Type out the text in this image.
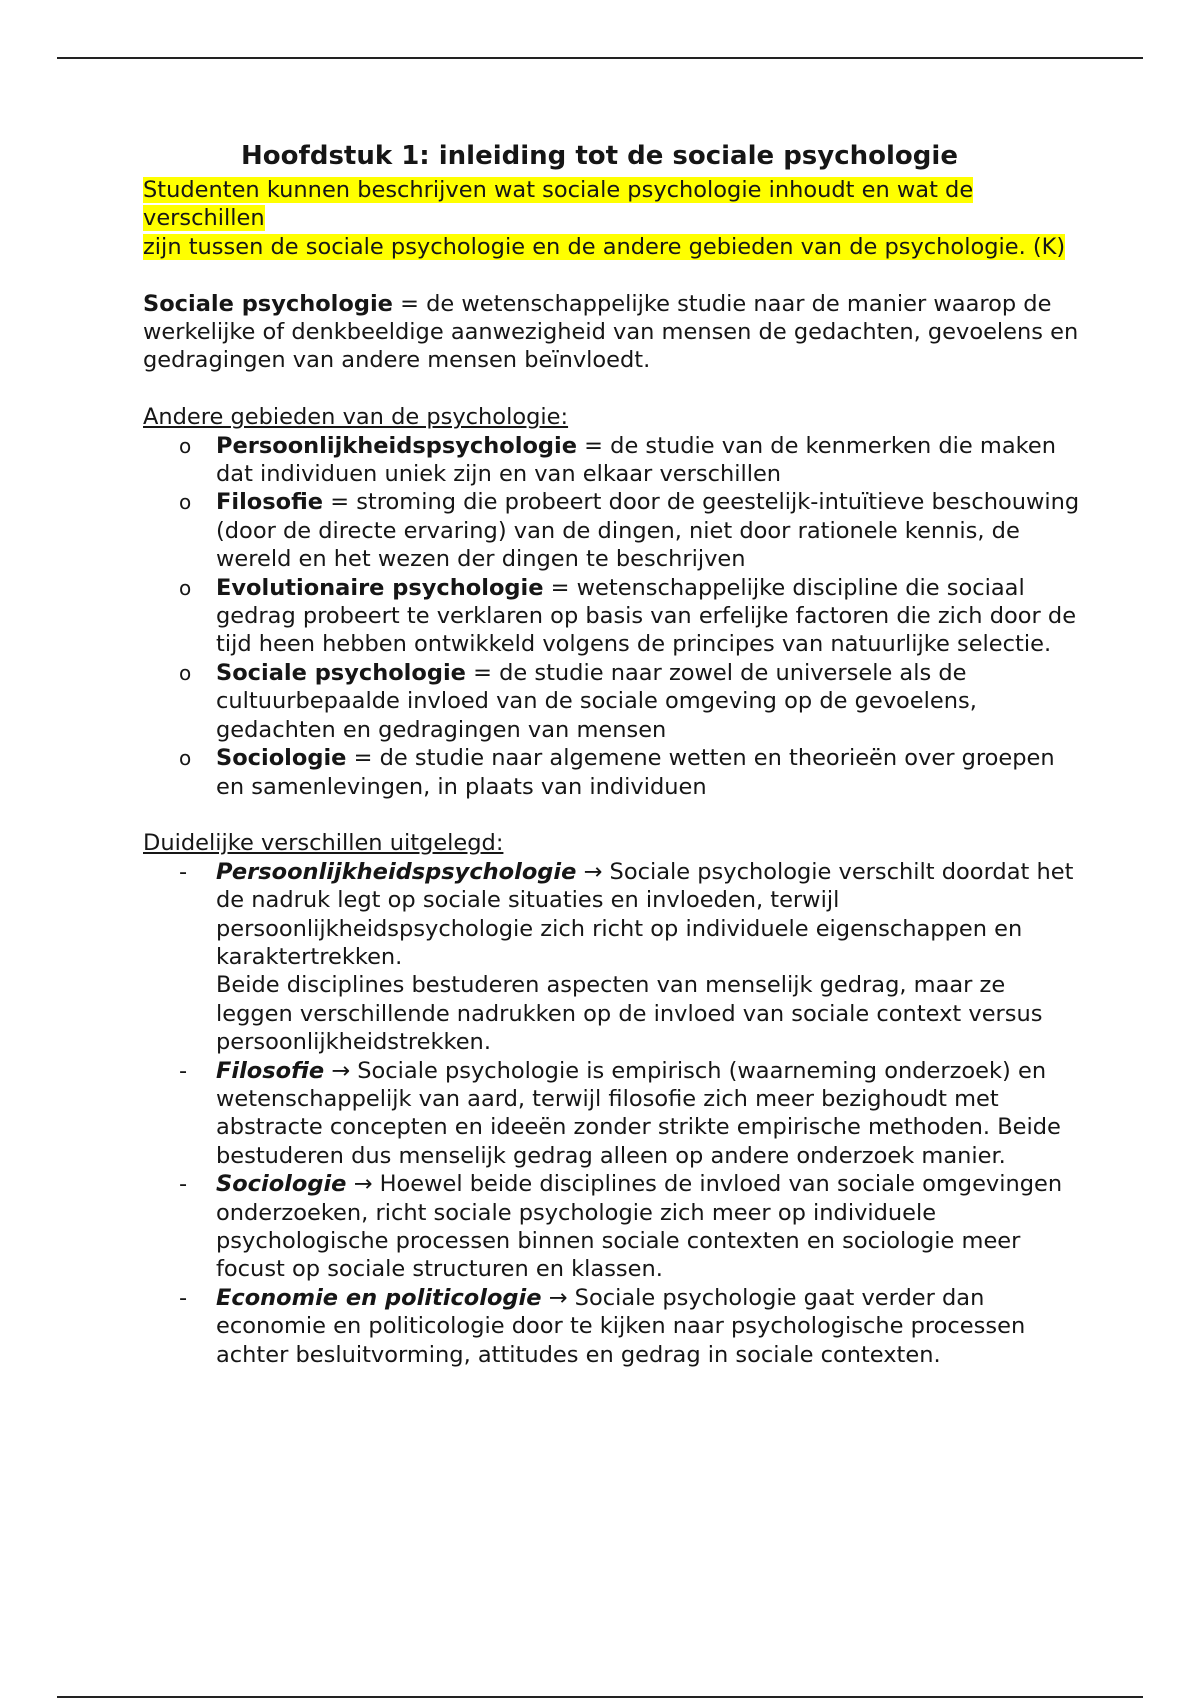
Hoofdstuk 1: inleiding tot de sociale psychologie
Studenten kunnen beschrijven wat sociale psychologie inhoudt en wat de verschillen
zijn tussen de sociale psychologie en de andere gebieden van de psychologie. (K)

Sociale psychologie = de wetenschappelijke studie naar de manier waarop de werkelijke of denkbeeldige aanwezigheid van mensen de gedachten, gevoelens en gedragingen van andere mensen beïnvloedt.

Andere gebieden van de psychologie:

o Persoonlijkheidspsychologie = de studie van de kenmerken die maken dat individuen uniek zijn en van elkaar verschillen
o Filosofie = stroming die probeert door de geestelijk-intuïtieve beschouwing (door de directe ervaring) van de dingen, niet door rationele kennis, de wereld en het wezen der dingen te beschrijven
o Evolutionaire psychologie = wetenschappelijke discipline die sociaal gedrag probeert te verklaren op basis van erfelijke factoren die zich door de tijd heen hebben ontwikkeld volgens de principes van natuurlijke selectie.
o Sociale psychologie = de studie naar zowel de universele als de cultuurbepaalde invloed van de sociale omgeving op de gevoelens, gedachten en gedragingen van mensen
o Sociologie = de studie naar algemene wetten en theorieën over groepen en samenlevingen, in plaats van individuen

Duidelijke verschillen uitgelegd:

- Persoonlijkheidspsychologie → Sociale psychologie verschilt doordat het de nadruk legt op sociale situaties en invloeden, terwijl persoonlijkheidspsychologie zich richt op individuele eigenschappen en karaktertrekken.
Beide disciplines bestuderen aspecten van menselijk gedrag, maar ze leggen verschillende nadrukken op de invloed van sociale context versus persoonlijkheidstrekken.
- Filosofie → Sociale psychologie is empirisch (waarneming onderzoek) en wetenschappelijk van aard, terwijl filosofie zich meer bezighoudt met abstracte concepten en ideeën zonder strikte empirische methoden. Beide bestuderen dus menselijk gedrag alleen op andere onderzoek manier.
- Sociologie → Hoewel beide disciplines de invloed van sociale omgevingen onderzoeken, richt sociale psychologie zich meer op individuele psychologische processen binnen sociale contexten en sociologie meer focust op sociale structuren en klassen.
- Economie en politicologie → Sociale psychologie gaat verder dan economie en politicologie door te kijken naar psychologische processen achter besluitvorming, attitudes en gedrag in sociale contexten.
